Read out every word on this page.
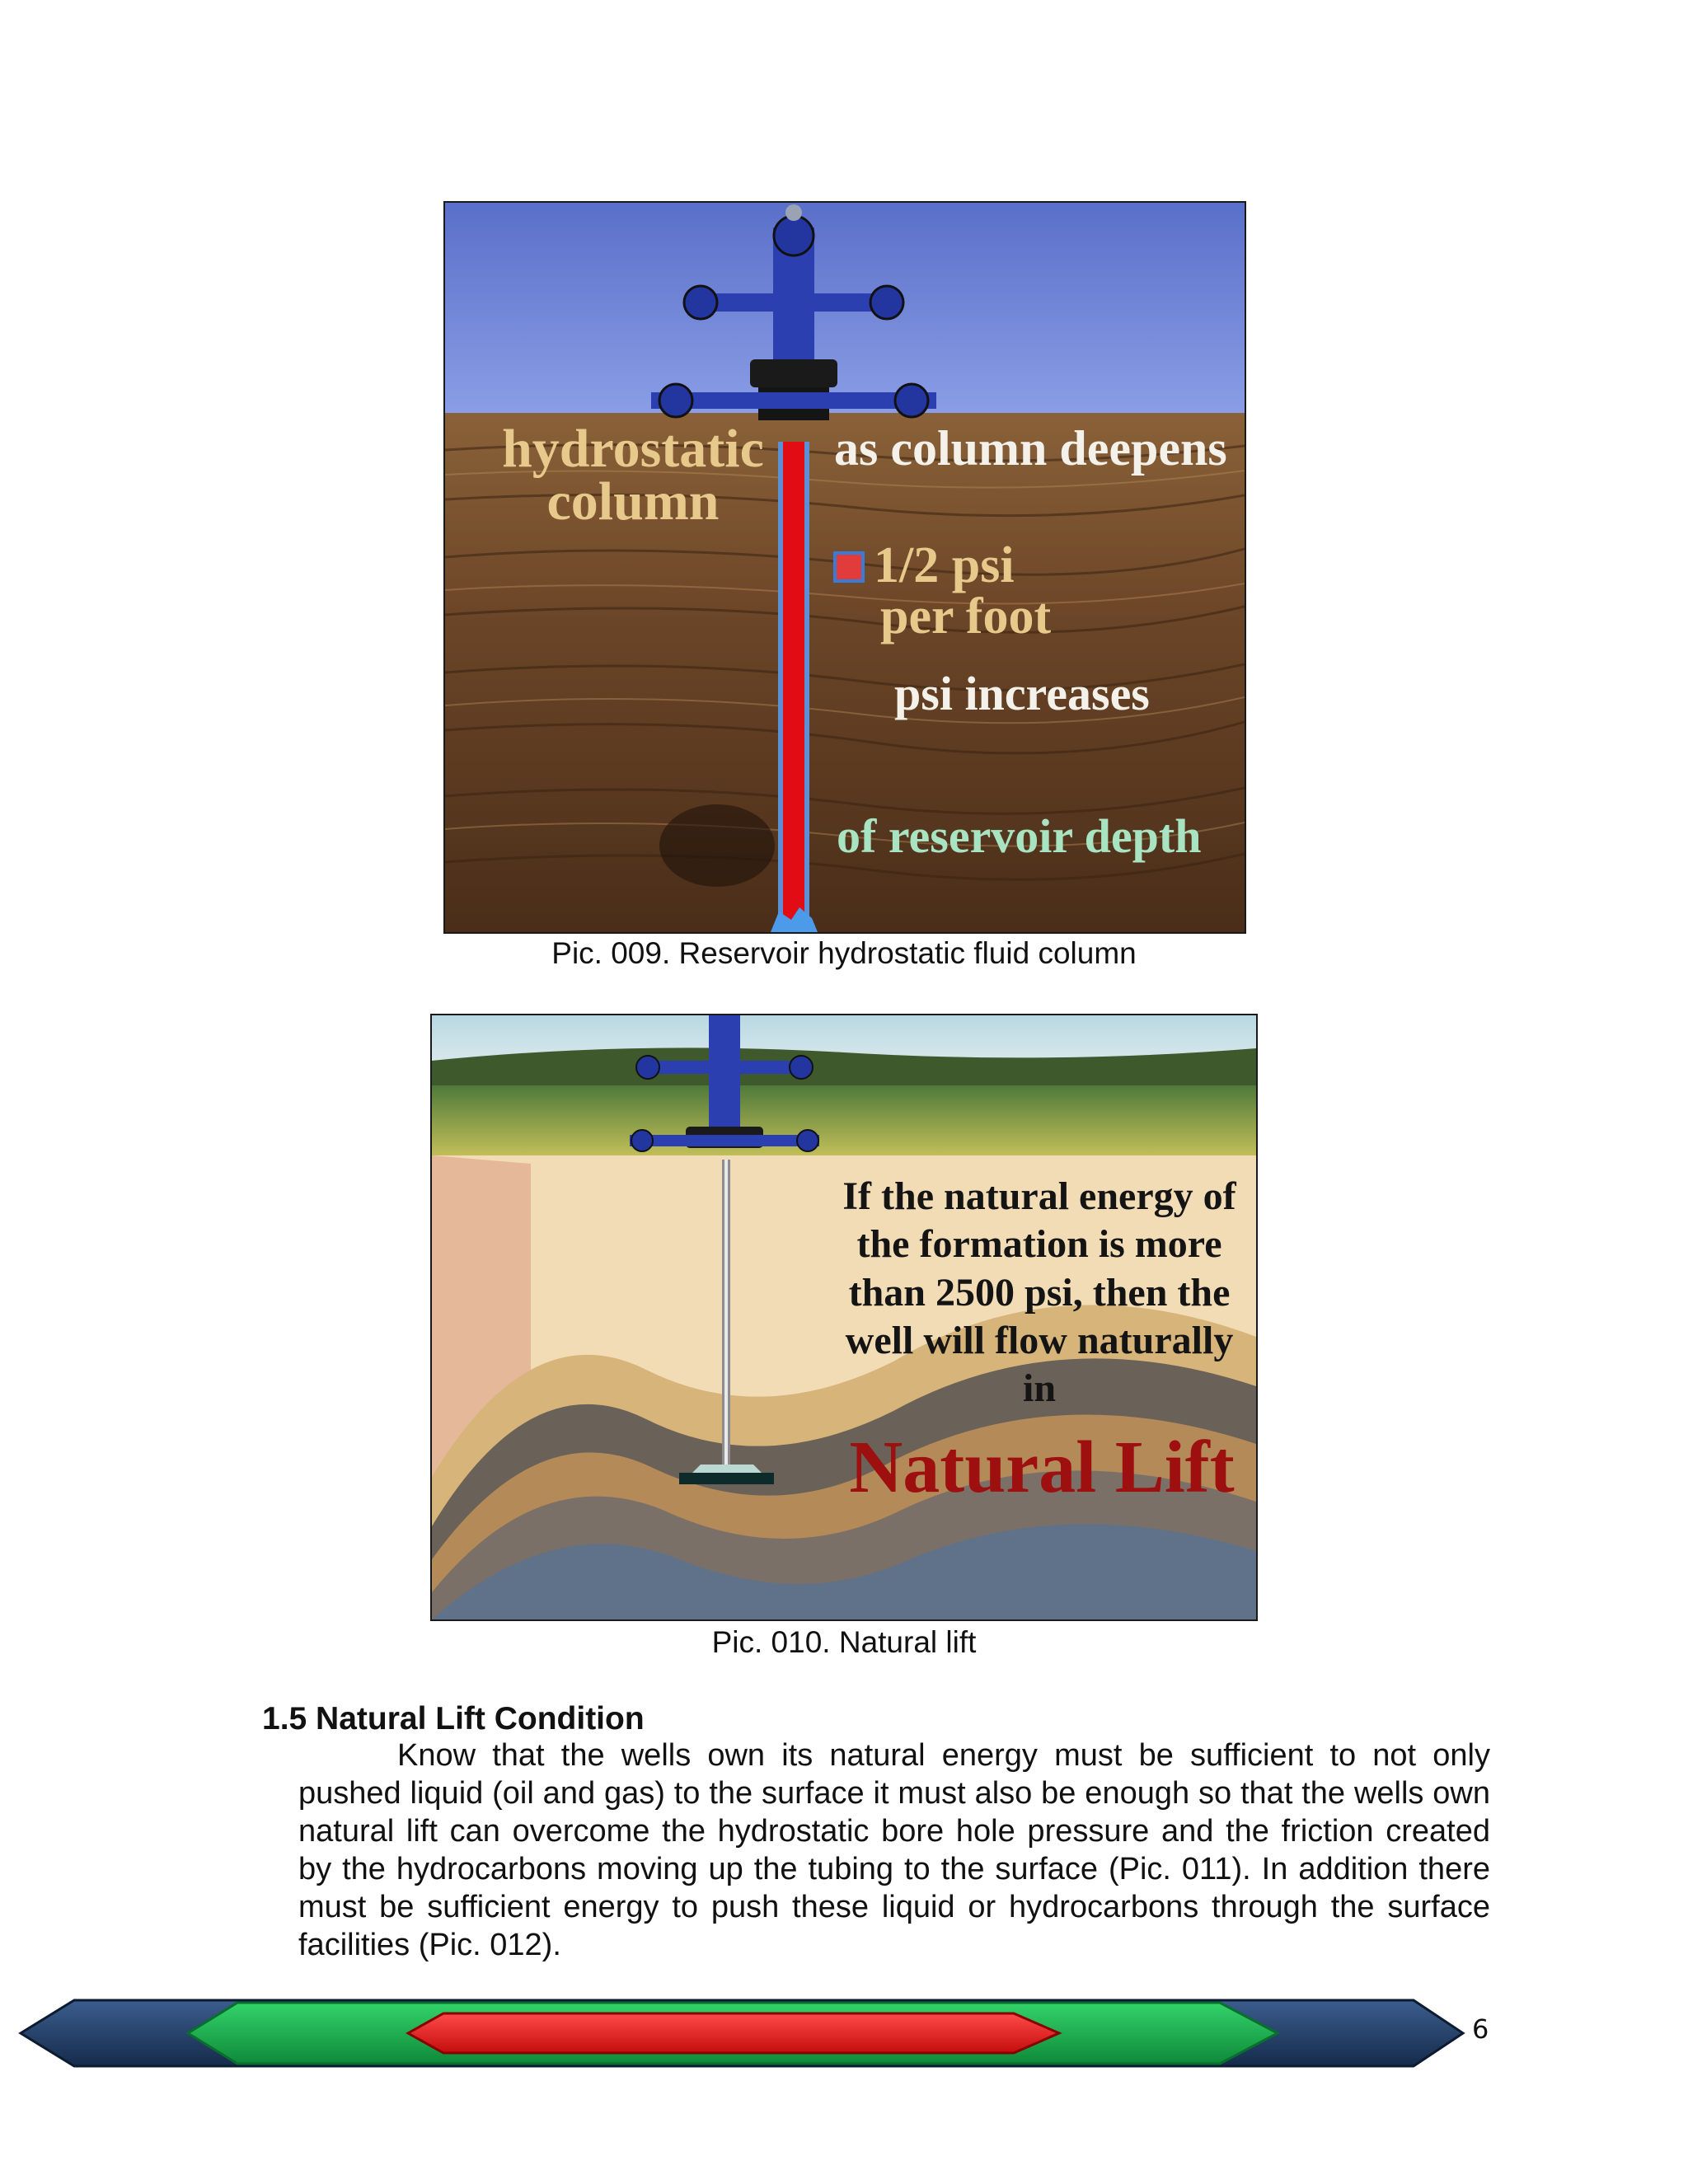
hydrostatic
column
as column deepens
1/2 psi
per foot
psi increases
of reservoir depth
Pic. 009. Reservoir hydrostatic fluid column
If the natural energy of
the formation is more
than 2500 psi, then the
well will flow naturally
in
Natural Lift
Pic. 010. Natural lift
1.5 Natural Lift Condition
Know that the wells own its natural energy must be sufficient to not only pushed liquid (oil and gas) to the surface it must also be enough so that the wells own natural lift can overcome the hydrostatic bore hole pressure and the friction created by the hydrocarbons moving up the tubing to the surface (Pic. 011). In addition there must be sufficient energy to push these liquid or hydrocarbons through the surface facilities (Pic. 012).
6
